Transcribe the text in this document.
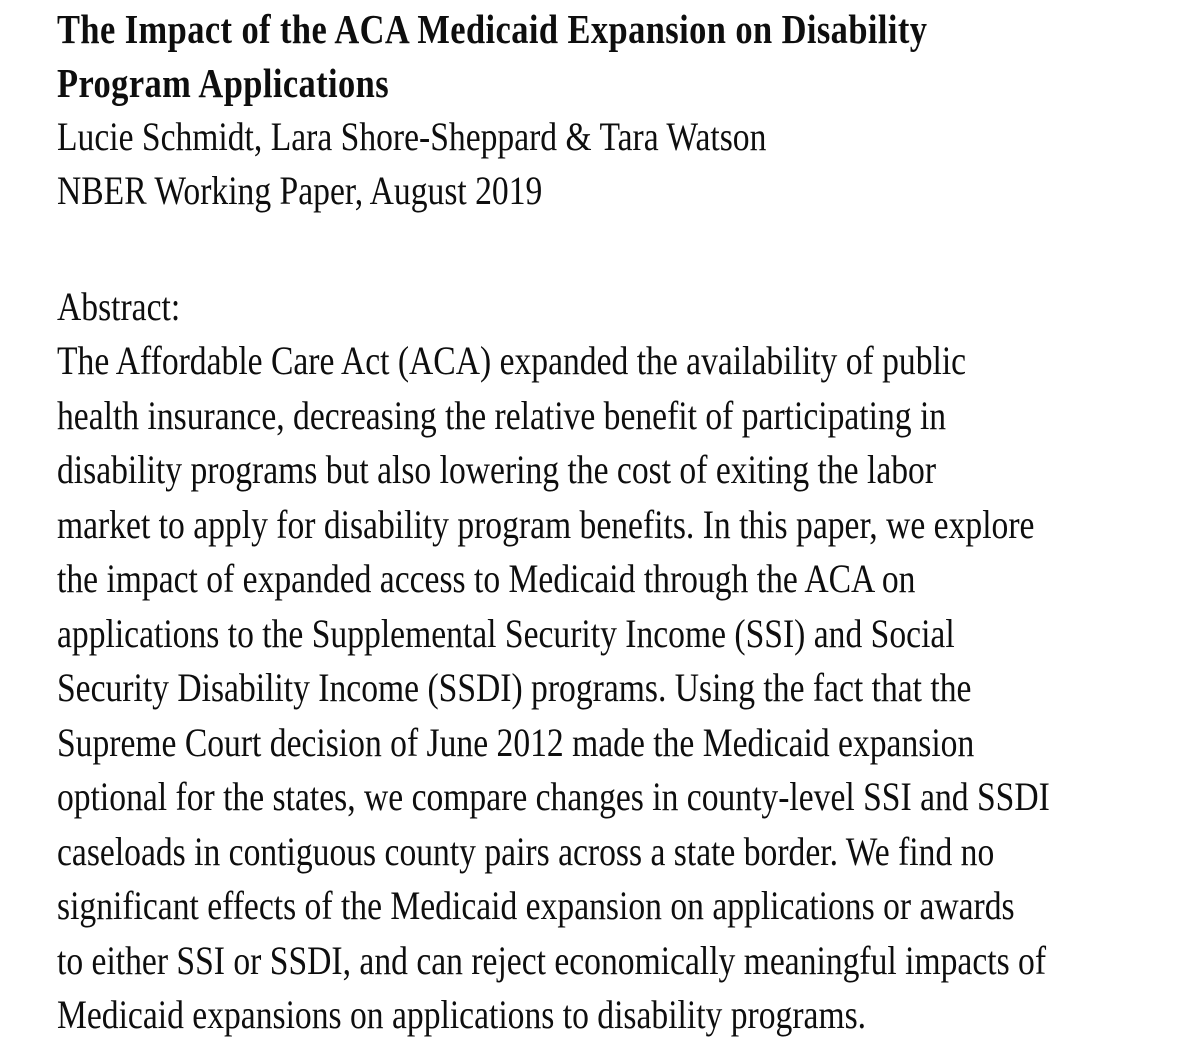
The Impact of the ACA Medicaid Expansion on Disability
Program Applications
Lucie Schmidt, Lara Shore-Sheppard & Tara Watson
NBER Working Paper, August 2019
Abstract:
The Affordable Care Act (ACA) expanded the availability of public
health insurance, decreasing the relative benefit of participating in
disability programs but also lowering the cost of exiting the labor
market to apply for disability program benefits. In this paper, we explore
the impact of expanded access to Medicaid through the ACA on
applications to the Supplemental Security Income (SSI) and Social
Security Disability Income (SSDI) programs. Using the fact that the
Supreme Court decision of June 2012 made the Medicaid expansion
optional for the states, we compare changes in county-level SSI and SSDI
caseloads in contiguous county pairs across a state border. We find no
significant effects of the Medicaid expansion on applications or awards
to either SSI or SSDI, and can reject economically meaningful impacts of
Medicaid expansions on applications to disability programs.
